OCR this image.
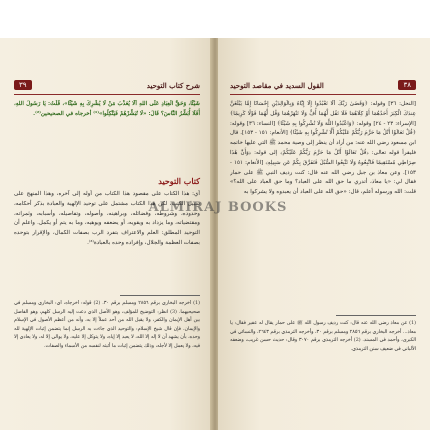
شرح كتاب التوحيد
٣٩

شَيْئًا، وَحَقُّ الْعِبَادِ عَلَى اللهِ أَلَّا يُعَذِّبَ مَنْ لَا يُشْرِكُ بِهِ شَيْئًا»، قُلْتُ: يَا رَسُولَ اللهِ، أَفَلَا أُبَشِّرُ النَّاسَ؟ قَالَ: «لَا تُبَشِّرْهُمْ فَيَتَّكِلُوا»⁽¹⁾ أخرجاه في الصحيحين⁽²⁾.

كتاب التوحيد

أي: هذا الكتاب على مقصود هذا الكتاب من أوله إلى آخره، وهذا المنهج على سبيل الكتب، لكن هذا الكتاب مشتمل على توحيد الإلهية والعبادة بذكر أحكامه، وحدوده، وشروطه، وفضائله، وبراهينه، وأصوله، وتفاصيله، وأسبابه، وثمراته، ومقتضياته، وما يزداد به ويقويه، أو يضعفه ويوهيه، وما به يتم أو يكمل. واعلم أن التوحيد المطلق: العلم والاعتراف بتفرد الرب بصفات الكمال، والإقرار بتوحده بصفات العظمة والجلال، وإفراده وحده بالعبادة⁽³⁾.

(1) أخرجه البخاري برقم ٢٨٥٦ ومسلم برقم ٣٠. (2) قوله: أخرجاه، أي: البخاري ومسلم في صحيحيهما. (3) انظر: التوضيح للمؤلف، وهو الأصل الذي دعت إليه الرسل كلهم، وهو الفاصل بين أهل الإيمان والكفر، ولا يقبل الله من أحد عملاً إلا به، وأنه من أعظم الأصول في الإسلام والإيمان. فإن قال شيخ الإسلام: والتوحيد الذي جاءت به الرسل إنما يتضمن إثبات الإلهية لله وحده، بأن يشهد أن لا إله إلا الله، لا يعبد إلا إياه، ولا يتوكل إلا عليه، ولا يوالي إلا له، ولا يعادي إلا فيه، ولا يعمل إلا لأجله، وذلك يتضمن إثبات ما أثبته لنفسه من الأسماء والصفات.

٣٨
القول السديد في مقاصد التوحيد

[النحل: ٣٦] وقوله: ﴿وَقَضَىٰ رَبُّكَ أَلَّا تَعْبُدُوا إِلَّا إِيَّاهُ وَبِالْوَالِدَيْنِ إِحْسَانًا إِمَّا يَبْلُغَنَّ عِندَكَ الْكِبَرَ أَحَدُهُمَا أَوْ كِلَاهُمَا فَلَا تَقُل لَّهُمَا أُفٍّ وَلَا تَنْهَرْهُمَا وَقُل لَّهُمَا قَوْلًا كَرِيمًا﴾ [الإسراء: ٢٣ - ٢٤] وقوله: ﴿وَاعْبُدُوا اللَّهَ وَلَا تُشْرِكُوا بِهِ شَيْئًا﴾ [النساء: ٣٦] وقوله: ﴿قُلْ تَعَالَوْا أَتْلُ مَا حَرَّمَ رَبُّكُمْ عَلَيْكُمْ أَلَّا تُشْرِكُوا بِهِ شَيْئًا﴾ [الأنعام: ١٥١ - ١٥٣]. قال ابن مسعود رضي الله عنه: من أراد أن ينظر إلى وصية محمد ﷺ التي عليها خاتمه فليقرأ قوله تعالى: ﴿قُلْ تَعَالَوْا أَتْلُ مَا حَرَّمَ رَبُّكُمْ عَلَيْكُمْ﴾ إلى قوله: ﴿وَأَنَّ هَٰذَا صِرَاطِي مُسْتَقِيمًا فَاتَّبِعُوهُ وَلَا تَتَّبِعُوا السُّبُلَ فَتَفَرَّقَ بِكُمْ عَن سَبِيلِهِ﴾ [الأنعام: ١٥١ - ١٥٣]. وعن معاذ بن جبل رضي الله عنه قال: كنت رديف النبي ﷺ على حمار فقال لي: «يا معاذ، أتدري ما حق الله على العباد؟ وما حق العباد على الله؟» قلت: الله ورسوله أعلم، قال: «حق الله على العباد أن يعبدوه ولا يشركوا به

(1) عن معاذ رضي الله عنه قال: كنت رديف رسول الله ﷺ على حمار يقال له عفير فقال: يا معاذ... أخرجه البخاري برقم ٢٨٥٦ ومسلم برقم ٣٠، وأخرجه الترمذي برقم ٢٦٤٣، والنسائي في الكبرى، وأحمد في المسند. (2) أخرجه الترمذي برقم ٣٠٧٠ وقال: حديث حسن غريب، وضعفه الألباني في ضعيف سنن الترمذي.

ALMIRAJ BOOKS
